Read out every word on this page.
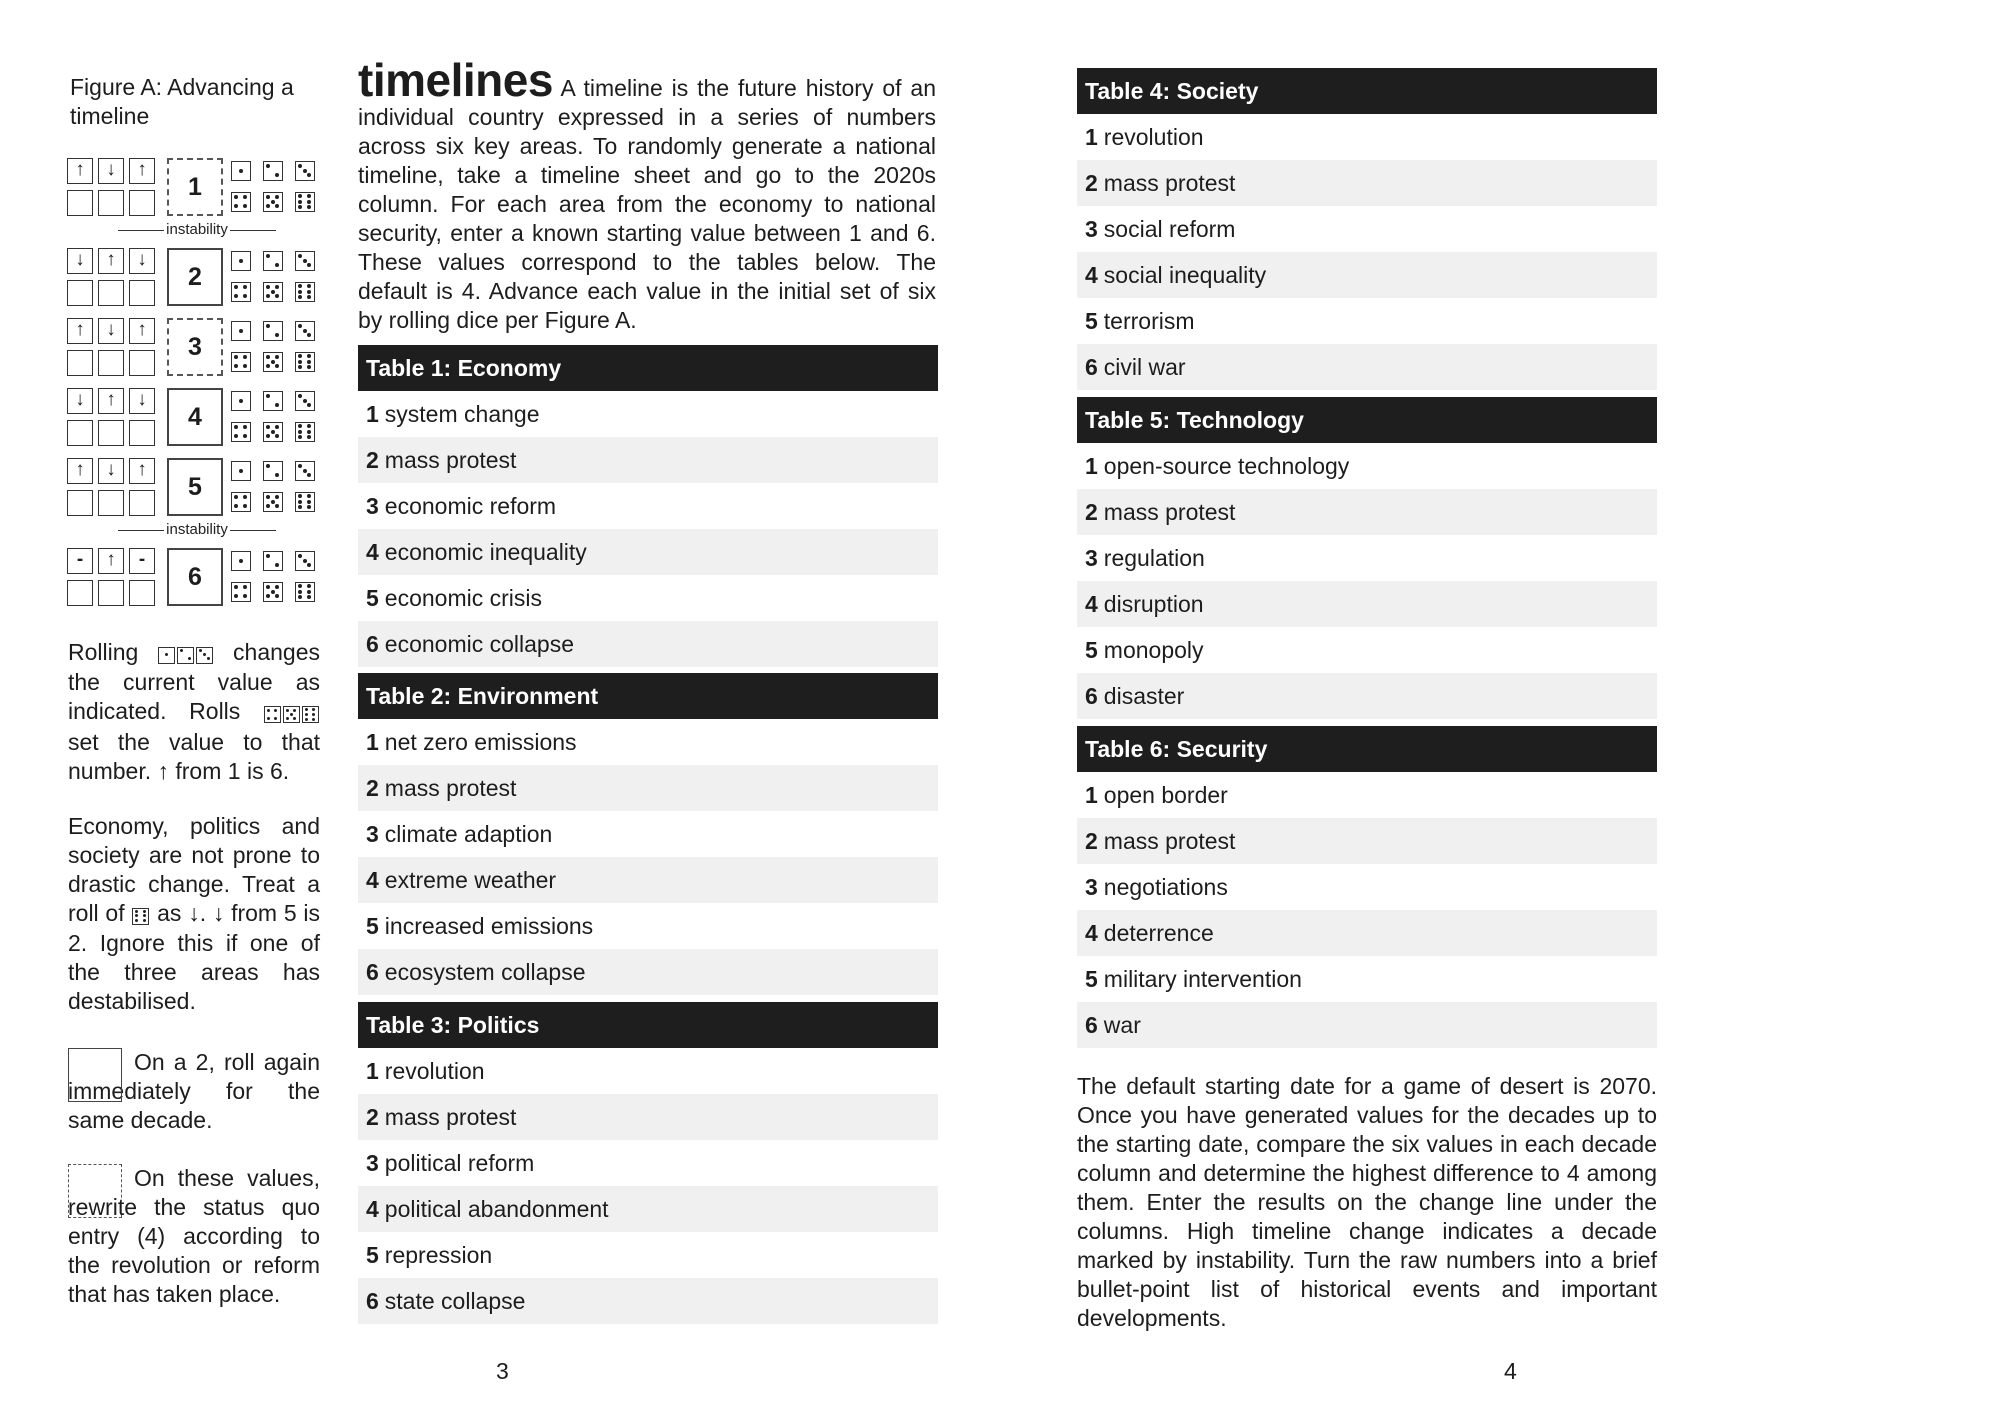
Figure A: Advancing a timeline
↑	↓	↑
1
↓	↑	↓
2
↑	↓	↑
3
↓	↑	↓
4
↑	↓	↑
5
-	↑	-
6
instability
instability
Rolling	changes the current value as indicated. Rolls
set the value to that number. ↑ from 1 is 6.
Economy, politics and society are not prone to drastic change. Treat a roll of as ↓. ↓ from 5 is 2. Ignore this if one of the three areas has destabilised.
On a 2, roll again immediately for the same decade.
On these values, rewrite the status quo entry (4) according to the revolution or reform that has taken place.
timelines A timeline is the future history of an individual country expressed in a series of numbers across six key areas. To randomly generate a national timeline, take a timeline sheet and go to the 2020s column. For each area from the economy to national security, enter a known starting value between 1 and 6. These values correspond to the tables below. The default is 4. Advance each value in the initial set of six by rolling dice per Figure A.
Table 1: Economy
1 system change
2 mass protest
3 economic reform
4 economic inequality
5 economic crisis
6 economic collapse
Table 2: Environment
1 net zero emissions
2 mass protest
3 climate adaption
4 extreme weather
5 increased emissions
6 ecosystem collapse
Table 3: Politics
1 revolution
2 mass protest
3 political reform
4 political abandonment
5 repression
6 state collapse
Table 4: Society
1 revolution
2 mass protest
3 social reform
4 social inequality
5 terrorism
6 civil war
Table 5: Technology
1 open-source technology
2 mass protest
3 regulation
4 disruption
5 monopoly
6 disaster
Table 6: Security
1 open border
2 mass protest
3 negotiations
4 deterrence
5 military intervention
6 war
The default starting date for a game of desert is 2070. Once you have generated values for the decades up to the starting date, compare the six values in each decade column and determine the highest difference to 4 among them. Enter the results on the change line under the columns. High timeline change indicates a decade marked by instability. Turn the raw numbers into a brief bullet-point list of historical events and important developments.
3	4
